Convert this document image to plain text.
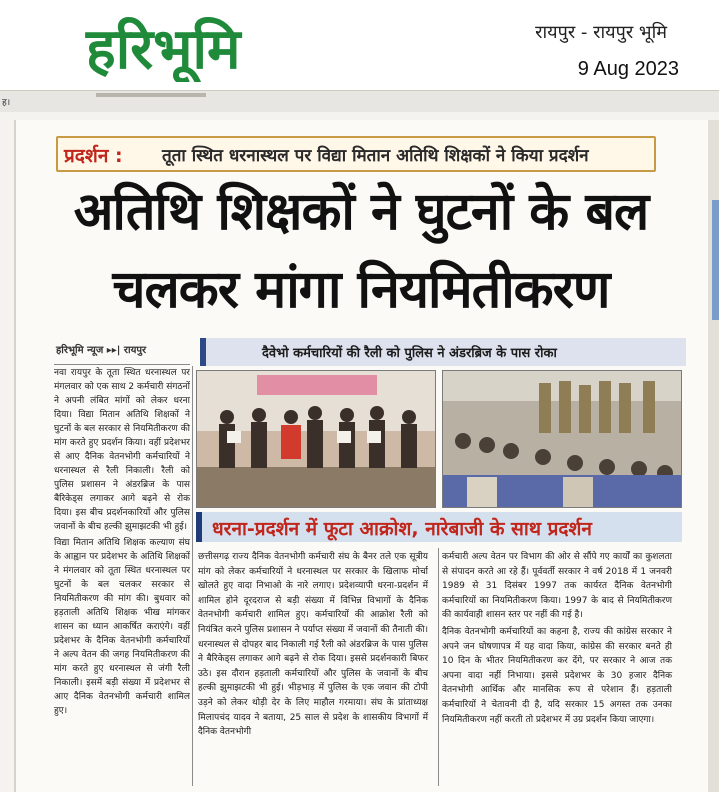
हरिभूमि	रायपुर - रायपुर भूमि
9 Aug 2023
ह।
प्रदर्शन : तूता स्थित धरनास्थल पर विद्या मितान अतिथि शिक्षकों ने किया प्रदर्शन
अतिथि शिक्षकों ने घुटनों के बल
चलकर मांगा नियमितीकरण
हरिभूमि न्यूज ▸▸| रायपुर	दैवेभो कर्मचारियों की रैली को पुलिस ने अंडरब्रिज के पास रोका

नवा रायपुर के तूता स्थित धरनास्थल पर मंगलवार को एक साथ 2 कर्मचारी संगठनों ने अपनी लंबित मांगों को लेकर धरना दिया। विद्या मितान अतिथि शिक्षकों ने घुटनों के बल सरकार से नियमितीकरण की मांग करते हुए प्रदर्शन किया। वहीं प्रदेशभर से आए दैनिक वेतनभोगी कर्मचारियों ने धरनास्थल से रैली निकाली। रैली को पुलिस प्रशासन ने अंडरब्रिज के पास बैरिकेड्स लगाकर आगे बढ़ने से रोक दिया। इस बीच प्रदर्शनकारियों और पुलिस जवानों के बीच हल्की झुमाझटकी भी हुई।

विद्या मितान अतिथि शिक्षक कल्याण संघ के आह्वान पर प्रदेशभर के अतिथि शिक्षकों ने मंगलवार को तूता स्थित धरनास्थल पर घुटनों के बल चलकर सरकार से नियमितीकरण की मांग की। बुधवार को हड़ताली अतिथि शिक्षक भीख मांगकर शासन का ध्यान आकर्षित कराएंगे। वहीं प्रदेशभर के दैनिक वेतनभोगी कर्मचारियों ने अल्प वेतन की जगह नियमितीकरण की मांग करते हुए धरनास्थल से जंगी रैली निकाली। इसमें बड़ी संख्या में प्रदेशभर से आए दैनिक वेतनभोगी कर्मचारी शामिल हुए।

धरना-प्रदर्शन में फूटा आक्रोश, नारेबाजी के साथ प्रदर्शन

छत्तीसगढ़ राज्य दैनिक वेतनभोगी कर्मचारी संघ के बैनर तले एक सूत्रीय मांग को लेकर कर्मचारियों ने धरनास्थल पर सरकार के खिलाफ मोर्चा खोलते हुए वादा निभाओ के नारे लगाए। प्रदेशव्यापी धरना-प्रदर्शन में शामिल होने दूरदराज से बड़ी संख्या में विभिन्न विभागों के दैनिक वेतनभोगी कर्मचारी शामिल हुए। कर्मचारियों की आक्रोश रैली को नियंत्रित करने पुलिस प्रशासन ने पर्याप्त संख्या में जवानों की तैनाती की। धरनास्थल से दोपहर बाद निकाली गई रैली को अंडरब्रिज के पास पुलिस ने बैरिकेड्स लगाकर आगे बढ़ने से रोक दिया। इससे प्रदर्शनकारी बिफर उठे। इस दौरान हड़ताली कर्मचारियों और पुलिस के जवानों के बीच हल्की झुमाझटकी भी हुई। भीड़भाड़ में पुलिस के एक जवान की टोपी उड़ने को लेकर थोड़ी देर के लिए माहौल गरमाया। संघ के प्रांताध्यक्ष मिलापचंद यादव ने बताया, 25 साल से प्रदेश के शासकीय विभागों में दैनिक वेतनभोगी

कर्मचारी अल्प वेतन पर विभाग की ओर से सौंपे गए कार्यों का कुशलता से संपादन करते आ रहे हैं। पूर्ववर्ती सरकार ने वर्ष 2018 में 1 जनवरी 1989 से 31 दिसंबर 1997 तक कार्यरत दैनिक वेतनभोगी कर्मचारियों का नियमितीकरण किया। 1997 के बाद से नियमितीकरण की कार्यवाही शासन स्तर पर नहीं की गई है।

दैनिक वेतनभोगी कर्मचारियों का कहना है, राज्य की कांग्रेस सरकार ने अपने जन घोषणापत्र में यह वादा किया, कांग्रेस की सरकार बनते ही 10 दिन के भीतर नियमितीकरण कर देंगे, पर सरकार ने आज तक अपना वादा नहीं निभाया। इससे प्रदेशभर के 30 हजार दैनिक वेतनभोगी आर्थिक और मानसिक रूप से परेशान हैं। हड़ताली कर्मचारियों ने चेतावनी दी है, यदि सरकार 15 अगस्त तक उनका नियमितीकरण नहीं करती तो प्रदेशभर में उग्र प्रदर्शन किया जाएगा।
